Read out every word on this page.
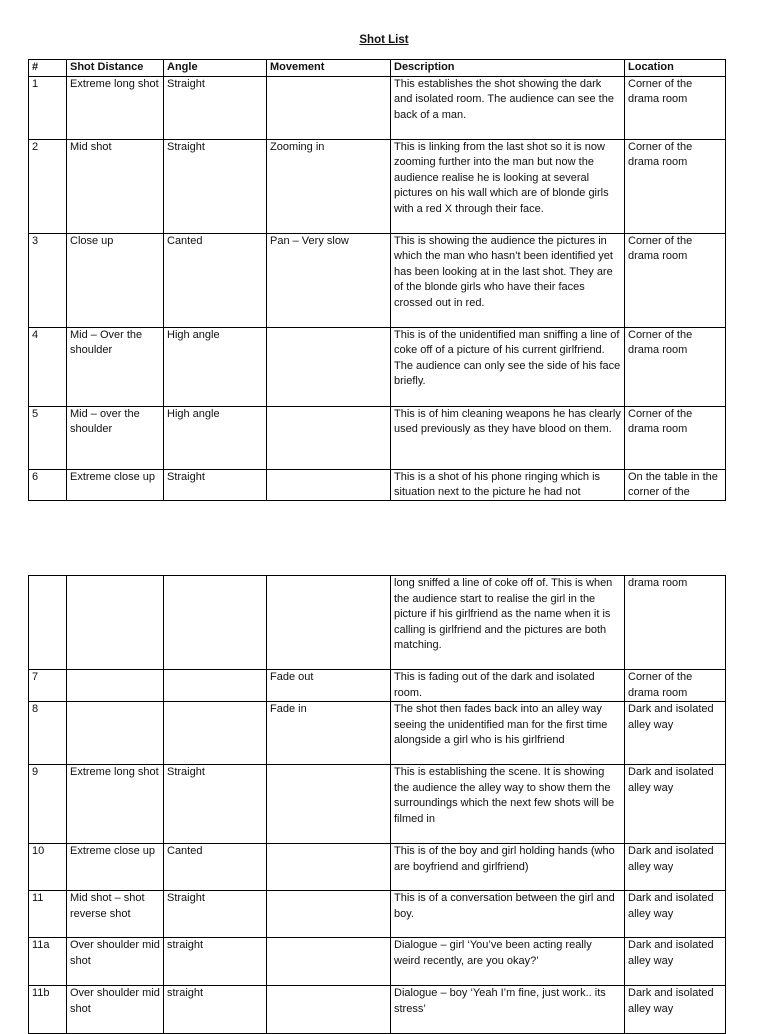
Shot List
#	Shot Distance	Angle	Movement	Description	Location

1	Extreme long shot	Straight		This establishes the shot showing the dark and isolated room. The audience can see the back of a man.	Corner of the drama room

2	Mid shot	Straight	Zooming in	This is linking from the last shot so it is now zooming further into the man but now the audience realise he is looking at several pictures on his wall which are of blonde girls with a red X through their face.	Corner of the drama room

3	Close up	Canted	Pan – Very slow	This is showing the audience the pictures in which the man who hasn’t been identified yet has been looking at in the last shot. They are of the blonde girls who have their faces crossed out in red.	Corner of the drama room

4	Mid – Over the shoulder	High angle		This is of the unidentified man sniffing a line of coke off of a picture of his current girlfriend. The audience can only see the side of his face briefly.	Corner of the drama room

5	Mid – over the shoulder	High angle		This is of him cleaning weapons he has clearly used previously as they have blood on them.	Corner of the drama room

6	Extreme close up	Straight		This is a shot of his phone ringing which is situation next to the picture he had not	On the table in the corner of the

				long sniffed a line of coke off of. This is when the audience start to realise the girl in the picture if his girlfriend as the name when it is calling is girlfriend and the pictures are both matching.	drama room

7			Fade out	This is fading out of the dark and isolated room.	Corner of the drama room

8			Fade in	The shot then fades back into an alley way seeing the unidentified man for the first time alongside a girl who is his girlfriend	Dark and isolated alley way

9	Extreme long shot	Straight		This is establishing the scene. It is showing the audience the alley way to show them the surroundings which the next few shots will be filmed in	Dark and isolated alley way

10	Extreme close up	Canted		This is of the boy and girl holding hands (who are boyfriend and girlfriend)	Dark and isolated alley way

11	Mid shot – shot reverse shot	Straight		This is of a conversation between the girl and boy.	Dark and isolated alley way

11a	Over shoulder mid shot	straight		Dialogue – girl ‘You’ve been acting really weird recently, are you okay?’	Dark and isolated alley way

11b	Over shoulder mid shot	straight		Dialogue – boy ‘Yeah I’m fine, just work.. its stress’	Dark and isolated alley way
